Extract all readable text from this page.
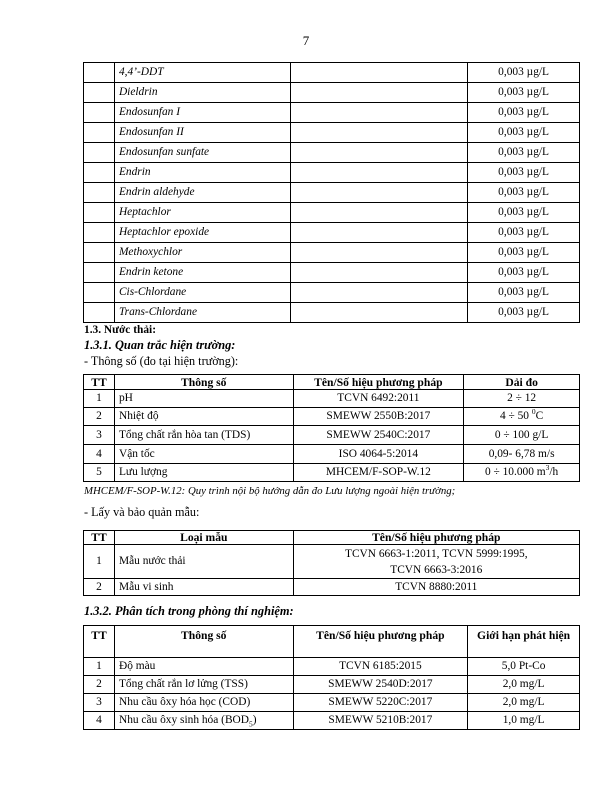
7
	4,4’-DDT		0,003 µg/L
	Dieldrin		0,003 µg/L
	Endosunfan I		0,003 µg/L
	Endosunfan II		0,003 µg/L
	Endosunfan sunfate		0,003 µg/L
	Endrin		0,003 µg/L
	Endrin aldehyde		0,003 µg/L
	Heptachlor		0,003 µg/L
	Heptachlor epoxide		0,003 µg/L
	Methoxychlor		0,003 µg/L
	Endrin ketone		0,003 µg/L
	Cis-Chlordane		0,003 µg/L
	Trans-Chlordane		0,003 µg/L
1.3. Nước thải:
1.3.1. Quan trắc hiện trường:
- Thông số (đo tại hiện trường):
TT	Thông số	Tên/Số hiệu phương pháp	Dải đo
1	pH	TCVN 6492:2011	2 ÷ 12
2	Nhiệt độ	SMEWW 2550B:2017	4 ÷ 50 $^0$C
3	Tổng chất rắn hòa tan (TDS)	SMEWW 2540C:2017	0 ÷ 100 g/L
4	Vận tốc	ISO 4064-5:2014	0,09- 6,78 m/s
5	Lưu lượng	MHCEM/F-SOP-W.12	0 ÷ 10.000 $m^3/h$
MHCEM/F-SOP-W.12: Quy trình nội bộ hướng dẫn đo Lưu lượng ngoài hiện trường;
- Lấy và bảo quản mẫu:
TT	Loại mẫu	Tên/Số hiệu phương pháp
1	Mẫu nước thải	TCVN 6663-1:2011, TCVN 5999:1995,
TCVN 6663-3:2016

2	Mẫu vi sinh	TCVN 8880:2011
1.3.2. Phân tích trong phòng thí nghiệm:
TT	Thông số	Tên/Số hiệu phương pháp	Giới hạn phát hiện
1	Độ màu	TCVN 6185:2015	5,0 Pt-Co
2	Tổng chất rắn lơ lửng (TSS)	SMEWW 2540D:2017	2,0 mg/L
3	Nhu cầu ôxy hóa học (COD)	SMEWW 5220C:2017	2,0 mg/L
4	Nhu cầu ôxy sinh hóa $(BOD_5)$	SMEWW 5210B:2017	1,0 mg/L
